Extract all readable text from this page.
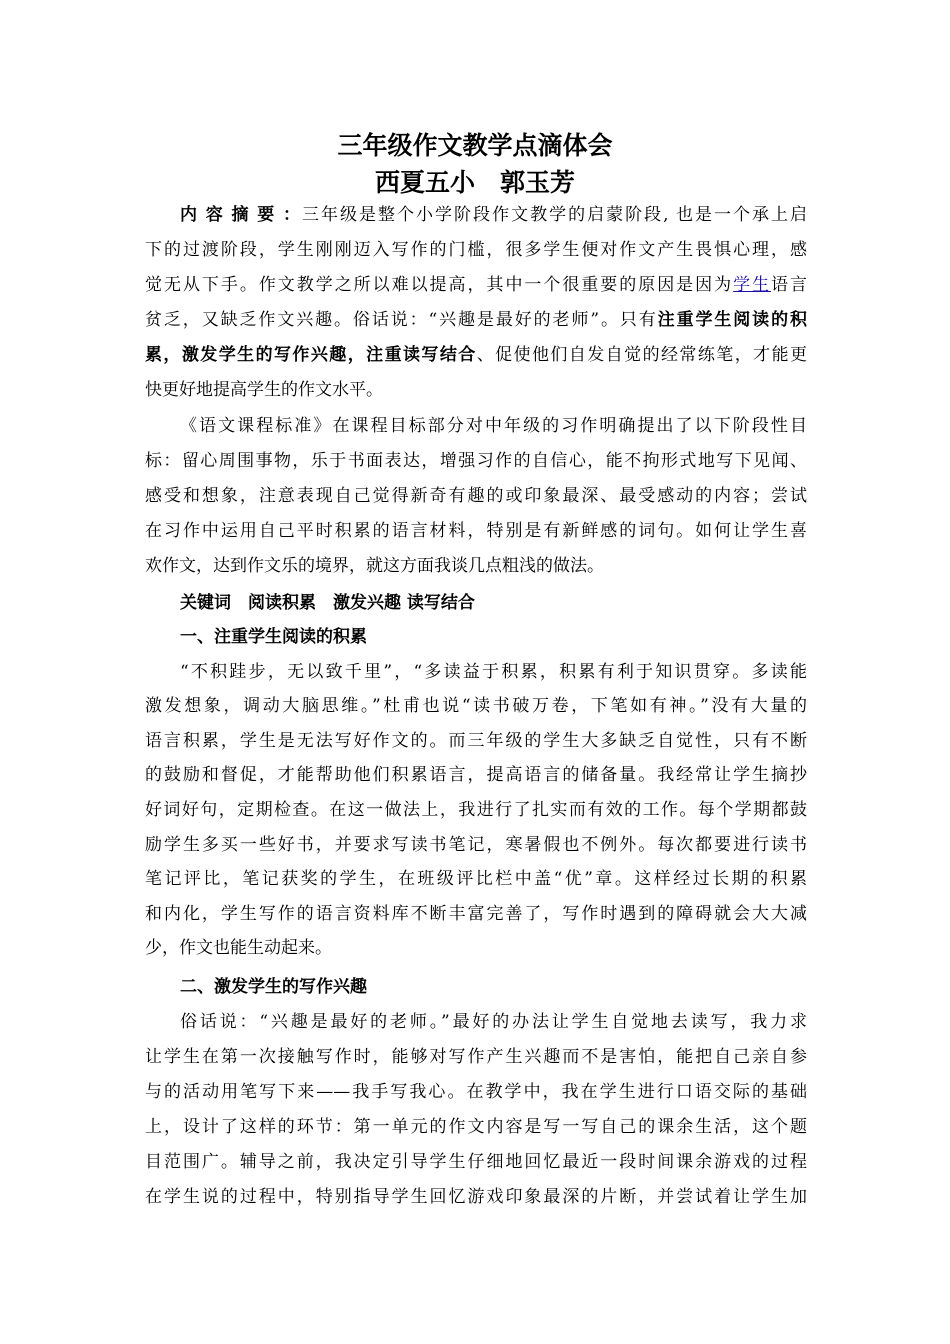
三年级作文教学点滴体会
西夏五小　郭玉芳
内容摘要：三年级是整个小学阶段作文教学的启蒙阶段, 也是一个承上启
下的过渡阶段，学生刚刚迈入写作的门槛，很多学生便对作文产生畏惧心理，感
觉无从下手。作文教学之所以难以提高，其中一个很重要的原因是因为学生语言
贫乏，又缺乏作文兴趣。俗话说：“兴趣是最好的老师”。只有注重学生阅读的积
累，激发学生的写作兴趣，注重读写结合、促使他们自发自觉的经常练笔，才能更
快更好地提高学生的作文水平。
《语文课程标准》在课程目标部分对中年级的习作明确提出了以下阶段性目
标：留心周围事物，乐于书面表达，增强习作的自信心，能不拘形式地写下见闻、
感受和想象，注意表现自己觉得新奇有趣的或印象最深、最受感动的内容；尝试
在习作中运用自己平时积累的语言材料，特别是有新鲜感的词句。如何让学生喜
欢作文，达到作文乐的境界，就这方面我谈几点粗浅的做法。
关键词　阅读积累　激发兴趣 读写结合
一、注重学生阅读的积累
“不积跬步，无以致千里”，“多读益于积累，积累有利于知识贯穿。多读能
激发想象，调动大脑思维。”杜甫也说“读书破万卷，下笔如有神。”没有大量的
语言积累，学生是无法写好作文的。而三年级的学生大多缺乏自觉性，只有不断
的鼓励和督促，才能帮助他们积累语言，提高语言的储备量。我经常让学生摘抄
好词好句，定期检查。在这一做法上，我进行了扎实而有效的工作。每个学期都鼓
励学生多买一些好书，并要求写读书笔记，寒暑假也不例外。每次都要进行读书
笔记评比，笔记获奖的学生，在班级评比栏中盖“优”章。这样经过长期的积累
和内化，学生写作的语言资料库不断丰富完善了，写作时遇到的障碍就会大大减
少，作文也能生动起来。
二、激发学生的写作兴趣
俗话说：“兴趣是最好的老师。”最好的办法让学生自觉地去读写，我力求
让学生在第一次接触写作时，能够对写作产生兴趣而不是害怕，能把自己亲自参
与的活动用笔写下来——我手写我心。在教学中，我在学生进行口语交际的基础
上，设计了这样的环节：第一单元的作文内容是写一写自己的课余生活，这个题
目范围广。辅导之前，我决定引导学生仔细地回忆最近一段时间课余游戏的过程
在学生说的过程中，特别指导学生回忆游戏印象最深的片断，并尝试着让学生加
